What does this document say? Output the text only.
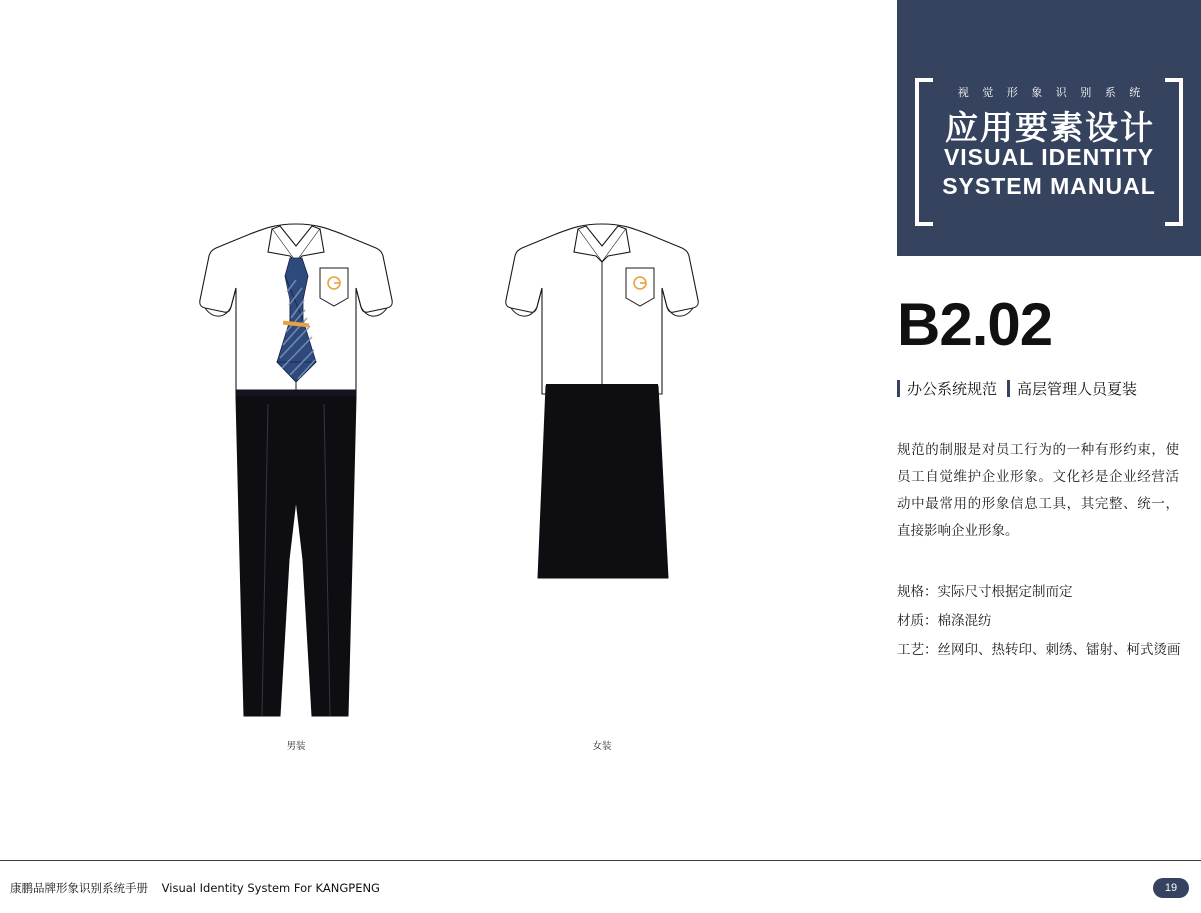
男装	女装
视 觉 形 象 识 别 系 统
应用要素设计
VISUAL IDENTITY
SYSTEM MANUAL
B2.02
办公系统规范 高层管理人员夏装
规范的制服是对员工行为的一种有形约束，使员工自觉维护企业形象。文化衫是企业经营活动中最常用的形象信息工具，其完整、统一，直接影响企业形象。
规格：实际尺寸根据定制而定
材质：棉涤混纺
工艺：丝网印、热转印、刺绣、镭射、柯式烫画
康鹏品牌形象识别系统手册 Visual Identity System For KANGPENG	19
